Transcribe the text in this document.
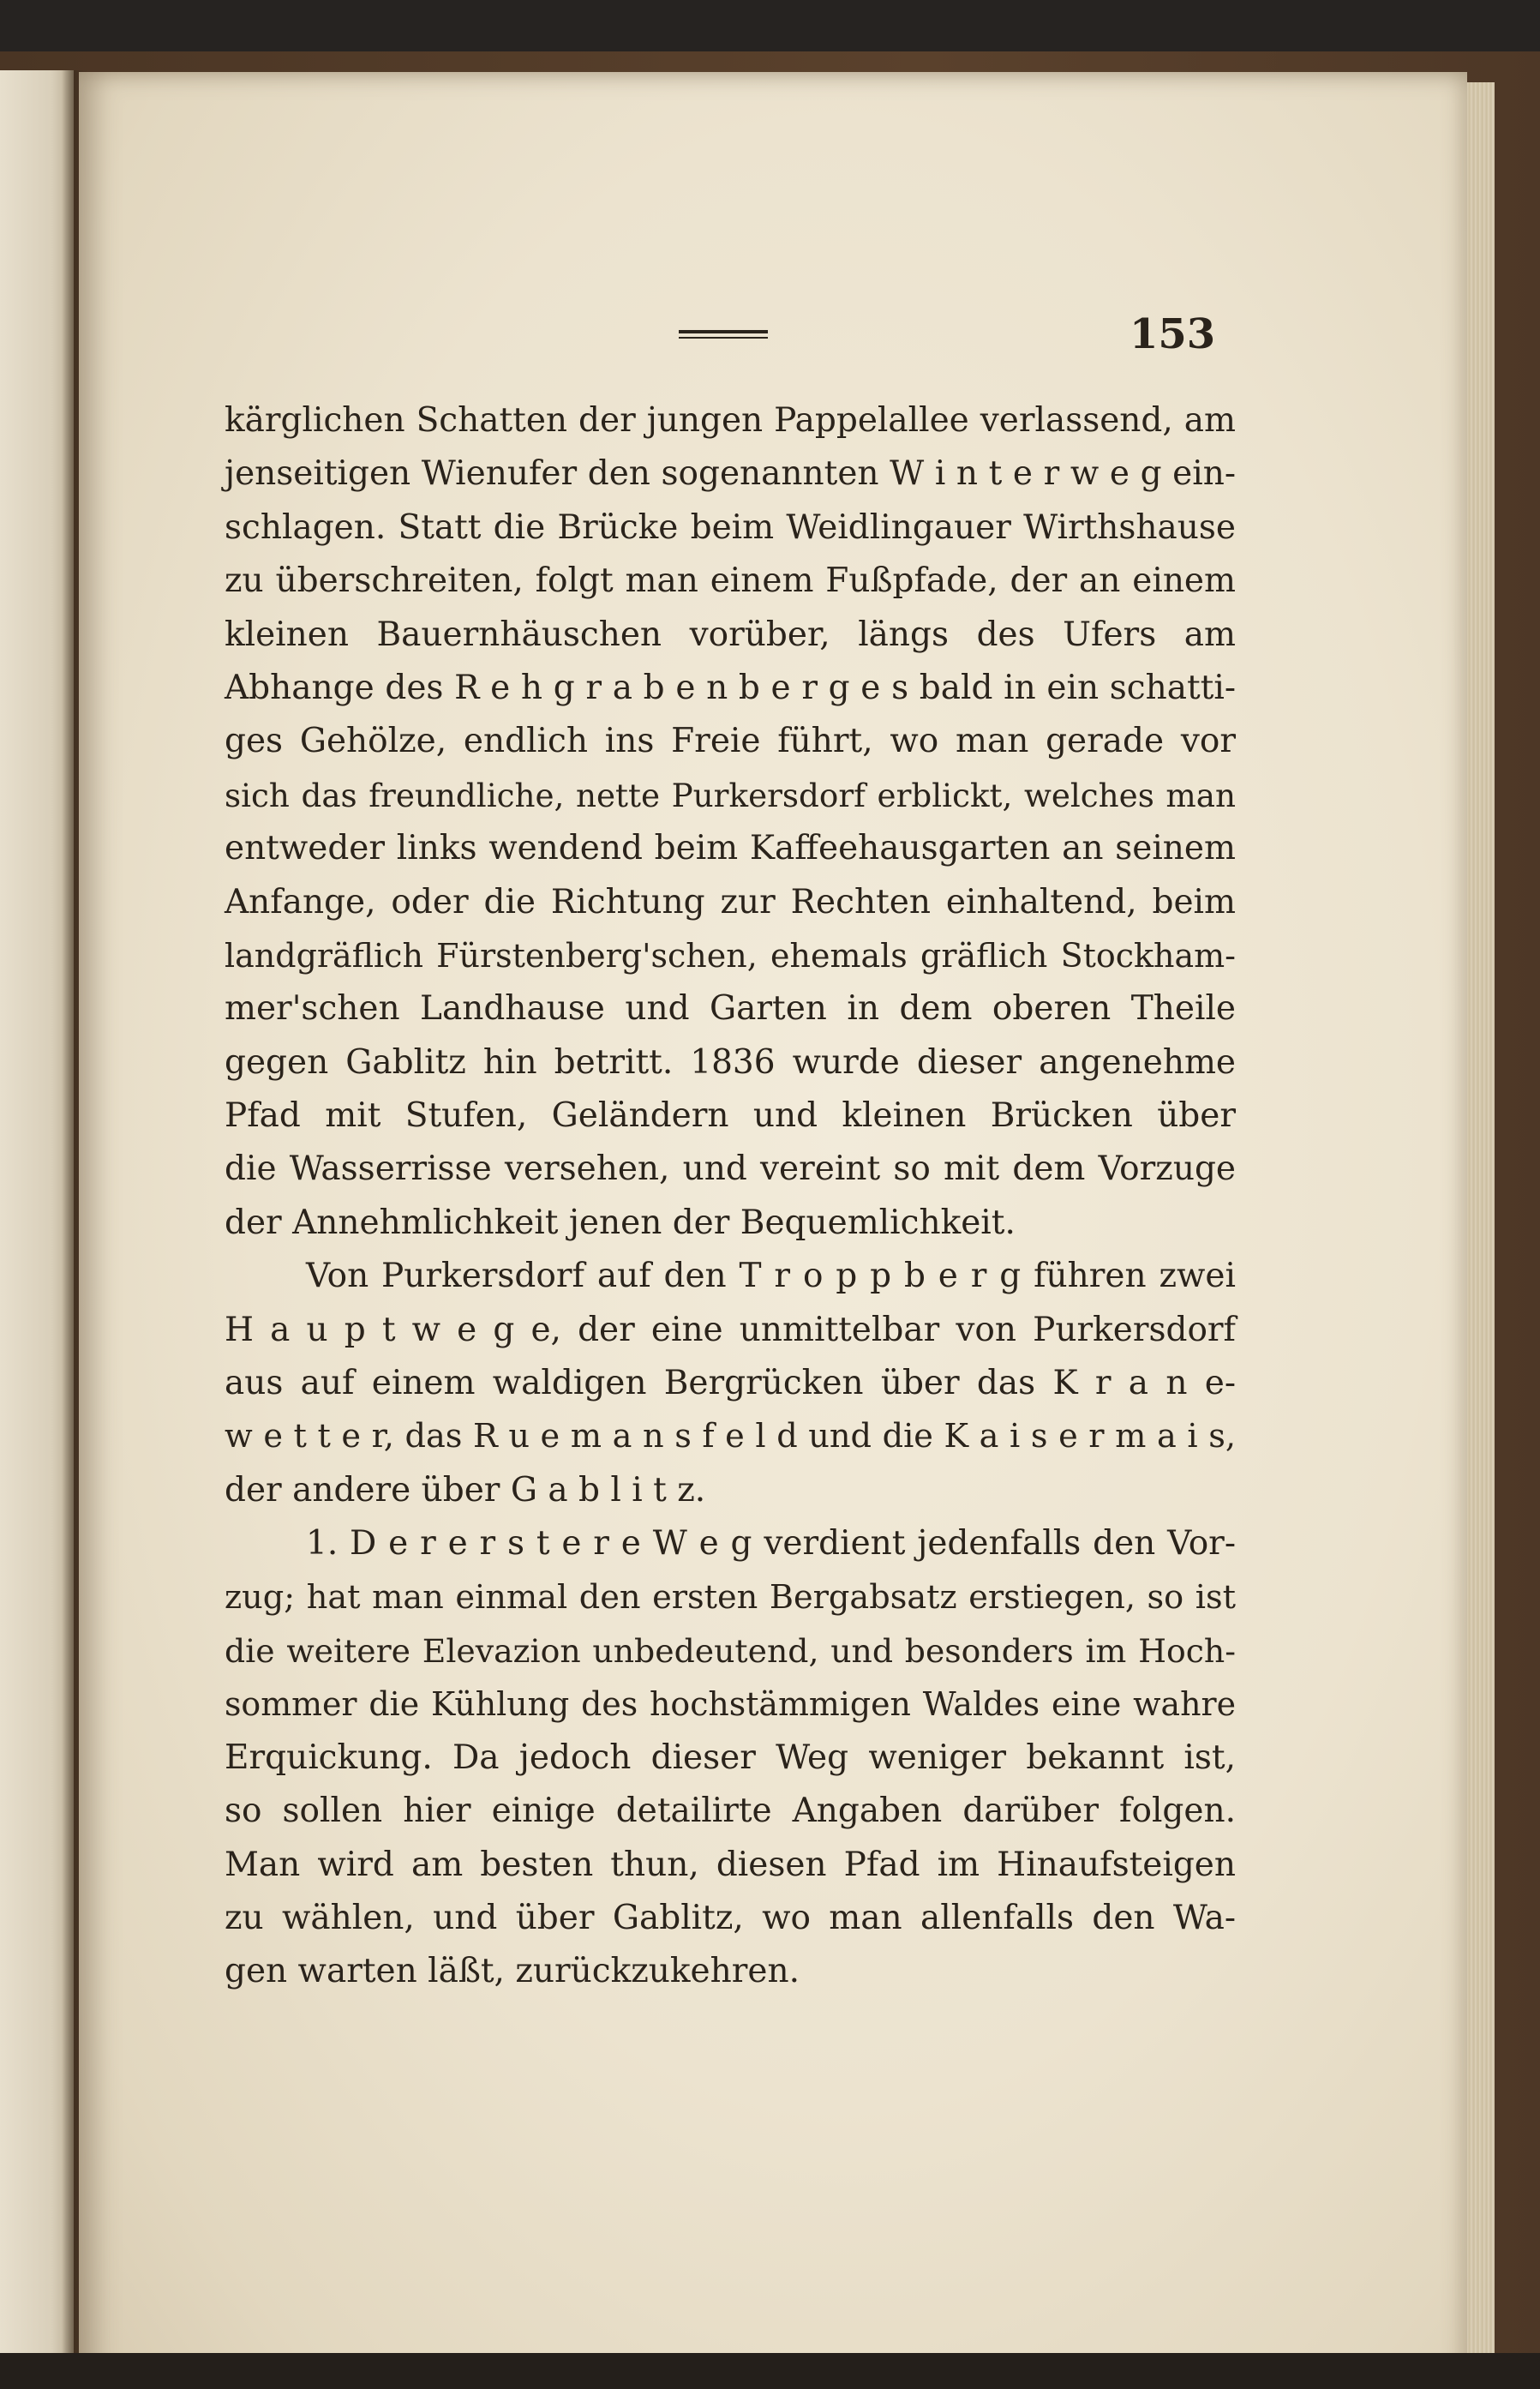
153
kärglichen Schatten der jungen Pappelallee verlassend, am
jenseitigen Wienufer den sogenannten W i n t e r w e g ein-
schlagen. Statt die Brücke beim Weidlingauer Wirthshause
zu überschreiten, folgt man einem Fußpfade, der an einem
kleinen Bauernhäuschen vorüber, längs des Ufers am
Abhange des R e h g r a b e n b e r g e s bald in ein schatti-
ges Gehölze, endlich ins Freie führt, wo man gerade vor
sich das freundliche, nette Purkersdorf erblickt, welches man
entweder links wendend beim Kaffeehausgarten an seinem
Anfange, oder die Richtung zur Rechten einhaltend, beim
landgräflich Fürstenberg'schen, ehemals gräflich Stockham-
mer'schen Landhause und Garten in dem oberen Theile
gegen Gablitz hin betritt. 1836 wurde dieser angenehme
Pfad mit Stufen, Geländern und kleinen Brücken über
die Wasserrisse versehen, und vereint so mit dem Vorzuge
der Annehmlichkeit jenen der Bequemlichkeit.
Von Purkersdorf auf den T r o p p b e r g führen zwei
H a u p t w e g e, der eine unmittelbar von Purkersdorf
aus auf einem waldigen Bergrücken über das K r a n e-
w e t t e r, das R u e m a n s f e l d und die K a i s e r m a i s,
der andere über G a b l i t z.
1. D e r e r s t e r e W e g verdient jedenfalls den Vor-
zug; hat man einmal den ersten Bergabsatz erstiegen, so ist
die weitere Elevazion unbedeutend, und besonders im Hoch-
sommer die Kühlung des hochstämmigen Waldes eine wahre
Erquickung. Da jedoch dieser Weg weniger bekannt ist,
so sollen hier einige detailirte Angaben darüber folgen.
Man wird am besten thun, diesen Pfad im Hinaufsteigen
zu wählen, und über Gablitz, wo man allenfalls den Wa-
gen warten läßt, zurückzukehren.
